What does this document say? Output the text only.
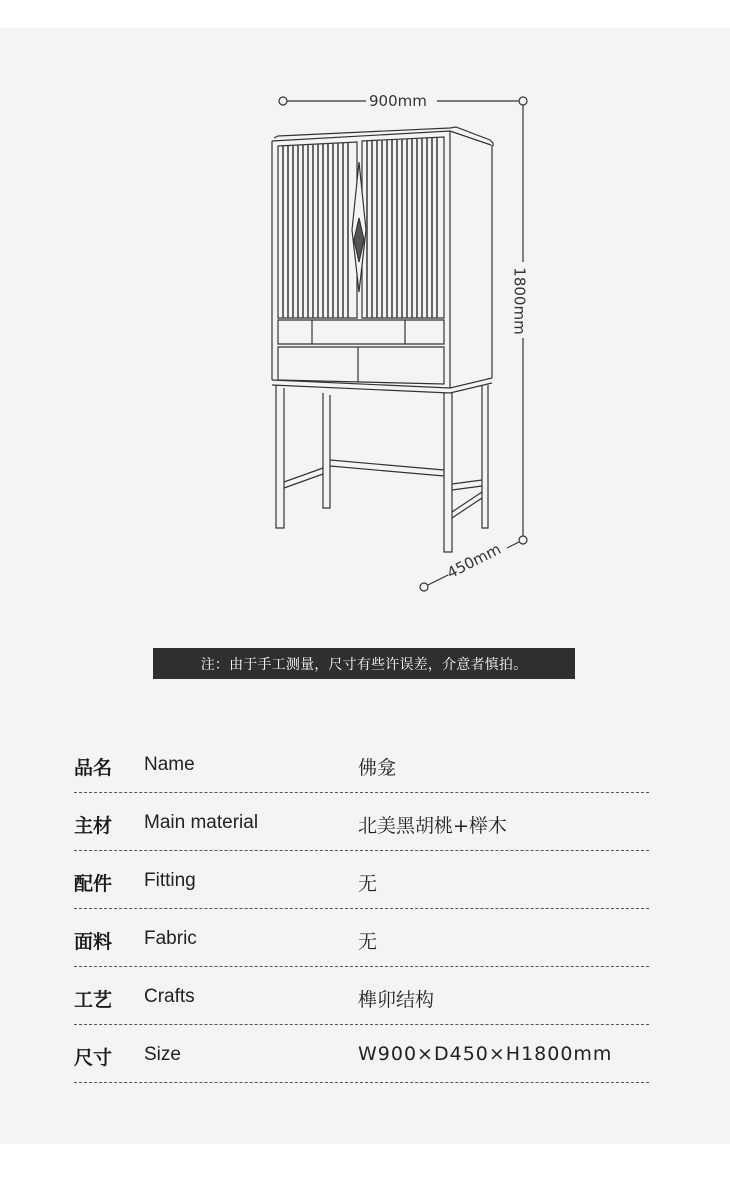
900mm
1800mm
450mm
注：由于手工测量，尺寸有些许误差，介意者慎拍。
品名 Name	佛龛
主材 Main material	北美黑胡桃+榉木
配件 Fitting	无
面料 Fabric	无
工艺 Crafts	榫卯结构
尺寸 Size	W900×D450×H1800mm
